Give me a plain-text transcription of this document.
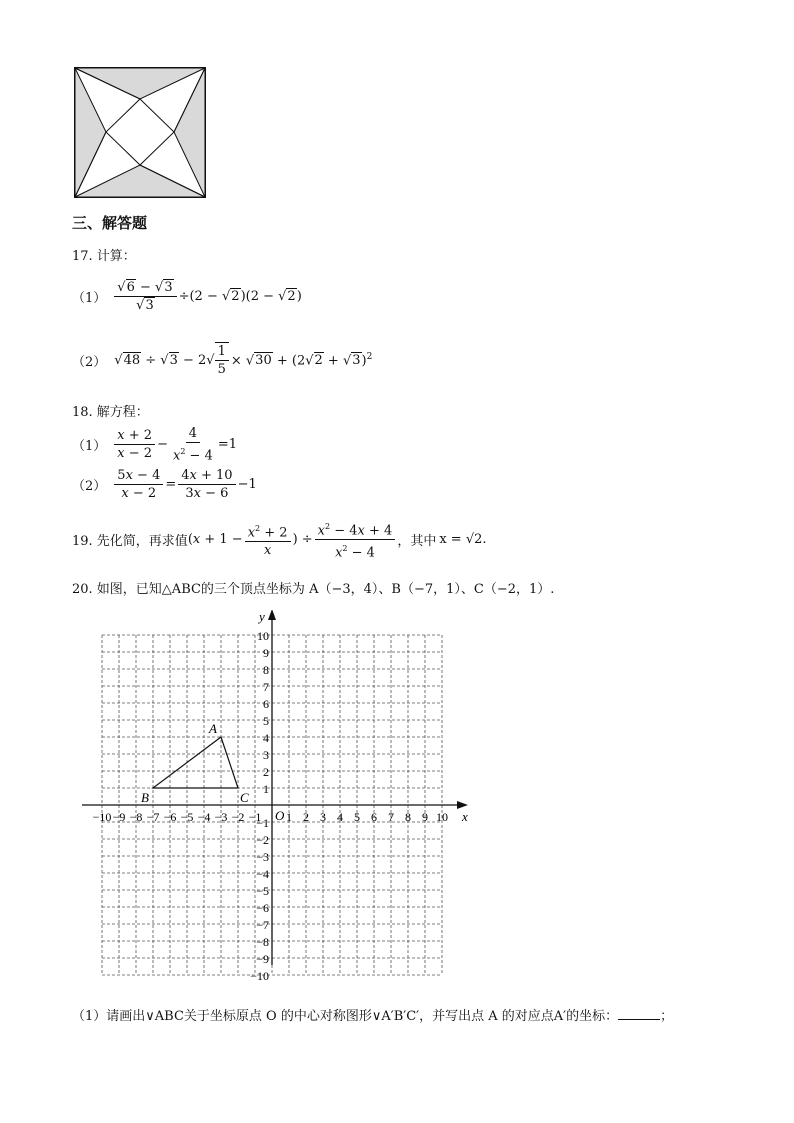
三、解答题
17. 计算：
$(1) \frac{√6 - √3}{√3} \div(2 - √2)(2 - √2)$
（2） $√48 \div √3 - 2√ \frac{1}{5} \times √30 + (2√2 + √3)^2$
18. 解方程：
$(1) \frac{x + 2}{x - 2} - \frac{4}{x^2 - 4} =1$
$(2) \frac{5x - 4}{x - 2} = \frac{4x + 10}{3x - 6} -1$
19. 先化简，再求值 ($x + 1 - \frac{x^2 + 2}{x}$ ) ÷ $\frac{x^2 - 4x + 4}{x^2 - 4}$ ，其中 x = √2 .
20. 如图，已知△ABC的三个顶点坐标为 A（−3，4）、B（−7，1）、C（−2，1）.
x
y
O
−10 −9 −8 −7 −6 −5 −4 −3 −2 −1 1 2 3 4 5 6 7 8 9 10
10
9
8
7
6
5
4
3
2
1
−1
−2
−3
−4
−5
−6
−7
−8
−9
−10
A
B	C
（1）请画出∨ABC关于坐标原点 O 的中心对称图形∨A′B′C′，并写出点 A 的对应点A′的坐标：	；
